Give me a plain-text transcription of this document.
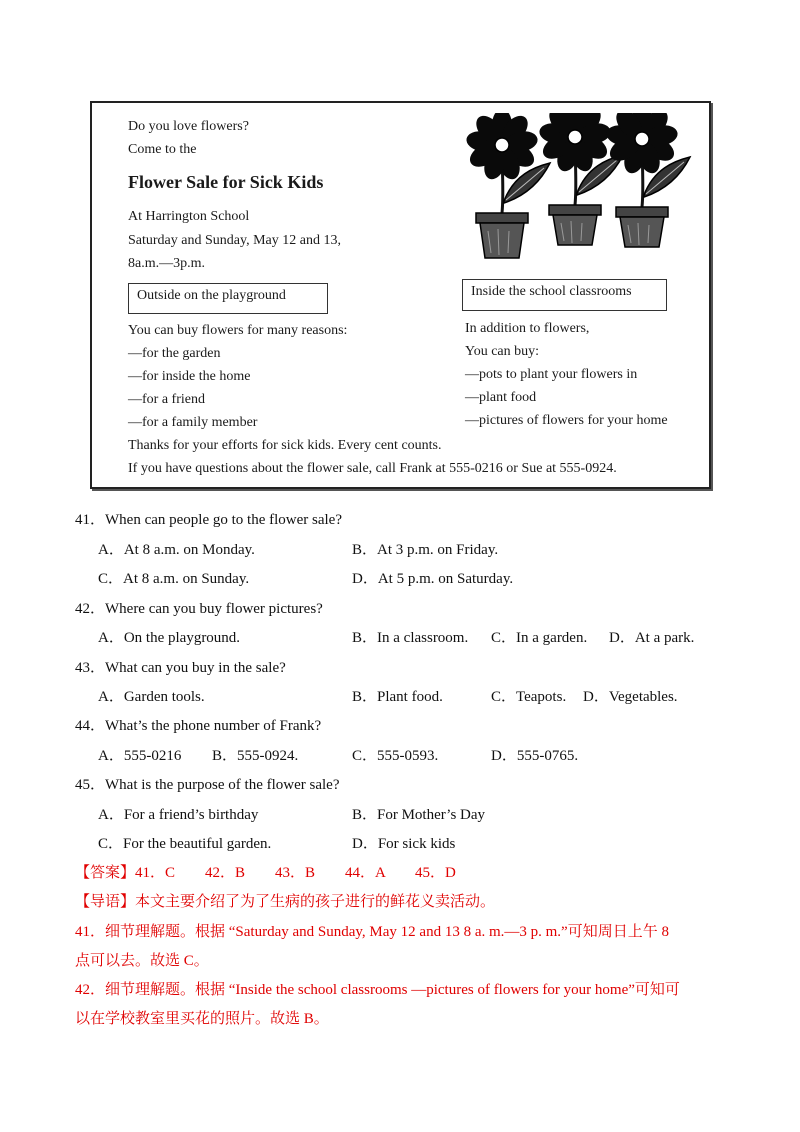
Do you love flowers?
Come to the
Flower Sale for Sick Kids
At Harrington School
Saturday and Sunday, May 12 and 13,
8a.m.—3p.m.
Outside on the playground	Inside the school classrooms
You can buy flowers for many reasons:
—for the garden
—for inside the home
—for a friend
—for a family member
In addition to flowers,
You can buy:
—pots to plant your flowers in
—plant food
—pictures of flowers for your home
Thanks for your efforts for sick kids. Every cent counts.
If you have questions about the flower sale, call Frank at 555-0216 or Sue at 555-0924.
41．When can people go to the flower sale?
A．At 8 a.m. on Monday.	B．At 3 p.m. on Friday.
C．At 8 a.m. on Sunday.	D．At 5 p.m. on Saturday.
42．Where can you buy flower pictures?
A．On the playground.	B．In a classroom. C．In a garden. D．At a park.
43．What can you buy in the sale?
A．Garden tools.	B．Plant food.	C．Teapots. D．Vegetables.
44．What’s the phone number of Frank?
A．555-0216 B．555-0924.	C．555-0593.	D．555-0765.
45．What is the purpose of the flower sale?
A．For a friend’s birthday	B．For Mother’s Day
C．For the beautiful garden.	D．For sick kids
【答案】41．C　　42．B　　43．B　　44．A　　45．D
【导语】本文主要介绍了为了生病的孩子进行的鲜花义卖活动。
41．细节理解题。根据 “Saturday and Sunday, May 12 and 13 8 a. m.—3 p. m.”可知周日上午 8
点可以去。故选 C。
42．细节理解题。根据 “Inside the school classrooms —pictures of flowers for your home”可知可
以在学校教室里买花的照片。故选 B。
